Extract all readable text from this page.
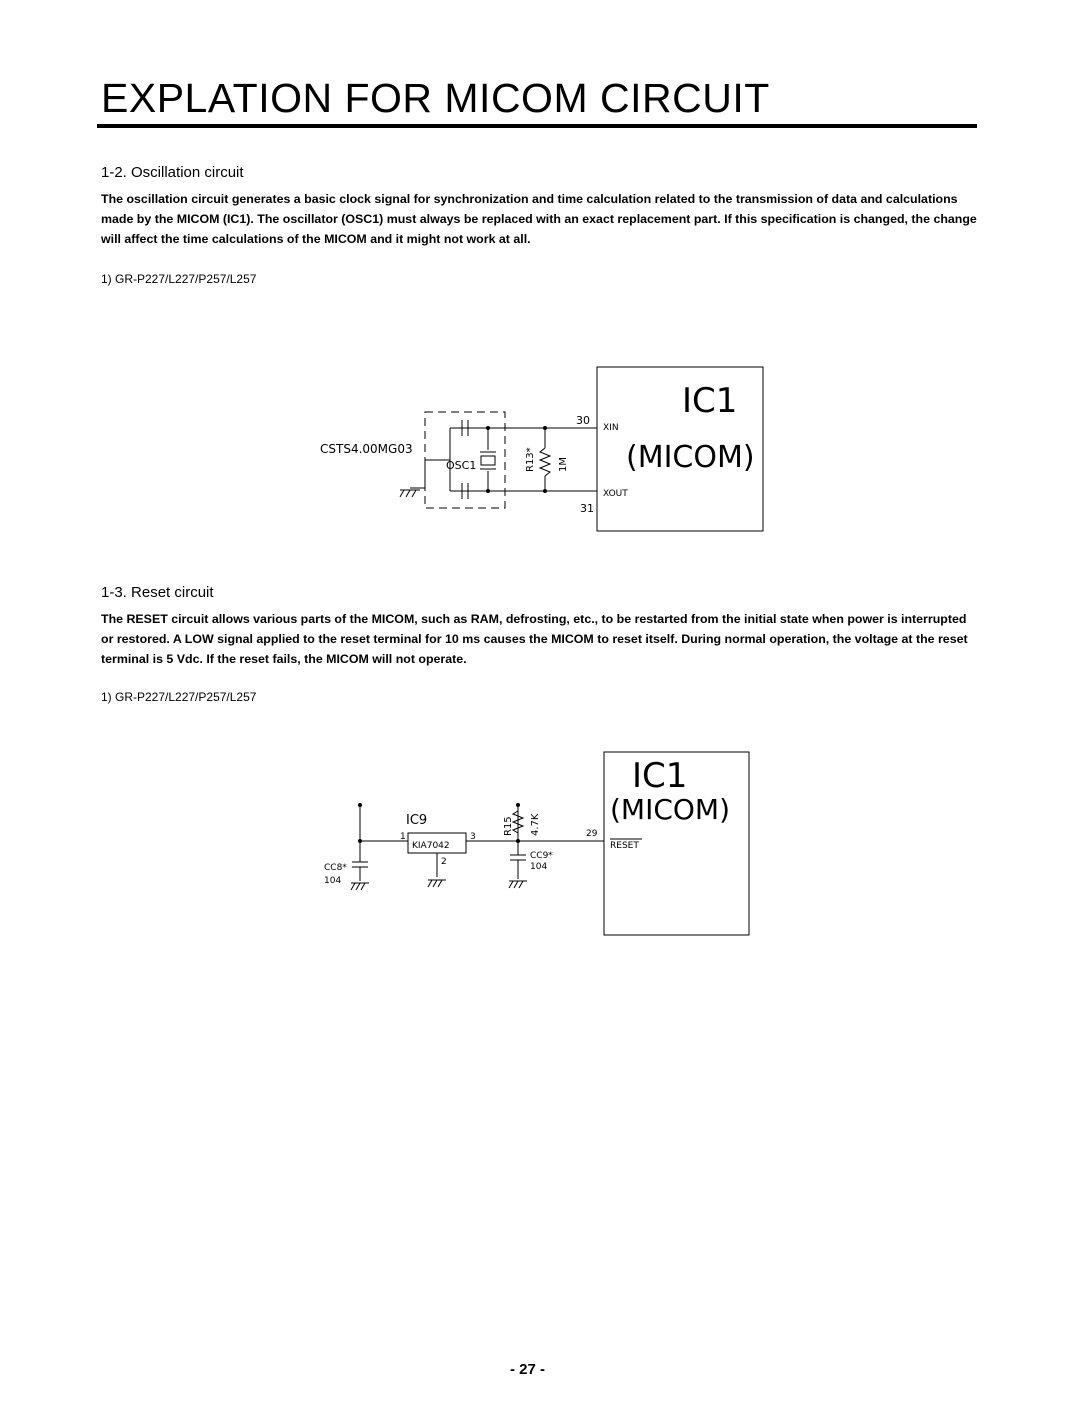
EXPLATION FOR MICOM CIRCUIT
1-2. Oscillation circuit

The oscillation circuit generates a basic clock signal for synchronization and time calculation related to the transmission of data and calculations made by the MICOM (IC1). The oscillator (OSC1) must always be replaced with an exact replacement part. If this specification is changed, the change will affect the time calculations of the MICOM and it might not work at all.

1) GR-P227/L227/P257/L257

CSTS4.00MG03
OSC1	R13* 1M
30
31
XIN
XOUT
IC1
(MICOM)
1-3. Reset circuit

The RESET circuit allows various parts of the MICOM, such as RAM, defrosting, etc., to be restarted from the initial state when power is interrupted or restored. A LOW signal applied to the reset terminal for 10 ms causes the MICOM to reset itself. During normal operation, the voltage at the reset terminal is 5 Vdc. If the reset fails, the MICOM will not operate.

1) GR-P227/L227/P257/L257

IC9
KIA7042
1
2
3
R15 4.7K
CC8*
104
CC9*
104
29
RESET
IC1
(MICOM)
- 27 -
